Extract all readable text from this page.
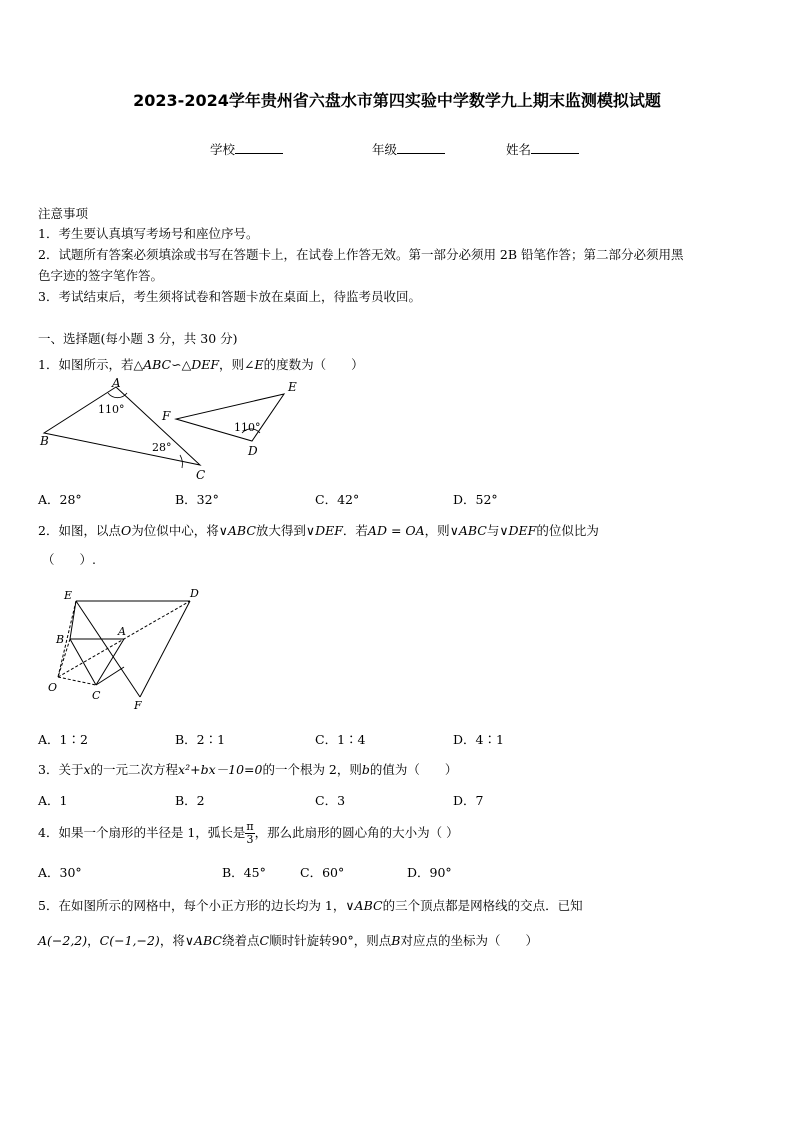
2023-2024学年贵州省六盘水市第四实验中学数学九上期末监测模拟试题
学校	年级	姓名
注意事项
1．考生要认真填写考场号和座位序号。
2．试题所有答案必须填涂或书写在答题卡上，在试卷上作答无效。第一部分必须用 2B 铅笔作答；第二部分必须用黑
色字迹的签字笔作答。
3．考试结束后，考生须将试卷和答题卡放在桌面上，待监考员收回。
一、选择题(每小题 3 分，共 30 分)
1．如图所示，若△ABC∽△DEF，则∠E的度数为（　　）
A
B
C
110°
28°
E
F
D
110°
A．28°	B．32°	C．42°	D．52°
2．如图，以点O为位似中心，将∨ABC放大得到∨DEF．若AD = OA，则∨ABC与∨DEF的位似比为
（　　）.
E	D
B
A
O
C
F
A．1∶2	B．2∶1	C．1∶4	D．4∶1
3．关于x的一元二次方程x²+bx－10=0的一个根为 2，则b的值为（　　）
A．1	B．2	C．3	D．7
4．如果一个扇形的半径是 1，弧长是 $\frac{\pi}{3}$ ，那么此扇形的圆心角的大小为（ ）
A．30°	B．45°	C．60°	D．90°
5．在如图所示的网格中，每个小正方形的边长均为 1，∨ABC的三个顶点都是网格线的交点．已知
A(−2,2)，C(−1,−2)，将∨ABC绕着点C顺时针旋转90°，则点B对应点的坐标为（　　）
